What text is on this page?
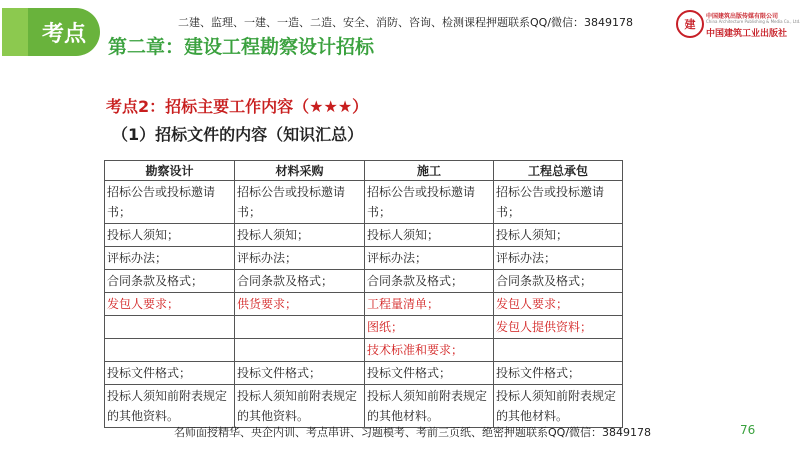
考点	二建、监理、一建、一造、二造、安全、消防、咨询、检测课程押题联系QQ/微信：3849178
第二章：建设工程勘察设计招标
建
中国建筑出版传媒有限公司
China Architecture Publishing & Media Co., Ltd.
中国建筑工业出版社
考点2：招标主要工作内容（★★★）
（1）招标文件的内容（知识汇总）
勘察设计	材料采购	施工	工程总承包
招标公告或投标邀请书；	招标公告或投标邀请书；	招标公告或投标邀请书；	招标公告或投标邀请书；
投标人须知；	投标人须知；	投标人须知；	投标人须知；
评标办法；	评标办法；	评标办法；	评标办法；
合同条款及格式；	合同条款及格式；	合同条款及格式；	合同条款及格式；
发包人要求；	供货要求；	工程量清单；	发包人要求；
		图纸；	发包人提供资料；
		技术标准和要求；	
投标文件格式；	投标文件格式；	投标文件格式；	投标文件格式；
投标人须知前附表规定的其他资料。	投标人须知前附表规定的其他资料。	投标人须知前附表规定的其他材料。	投标人须知前附表规定的其他材料。
名师面授精华、央企内训、考点串讲、习题模考、考前三页纸、绝密押题联系QQ/微信：3849178	76
